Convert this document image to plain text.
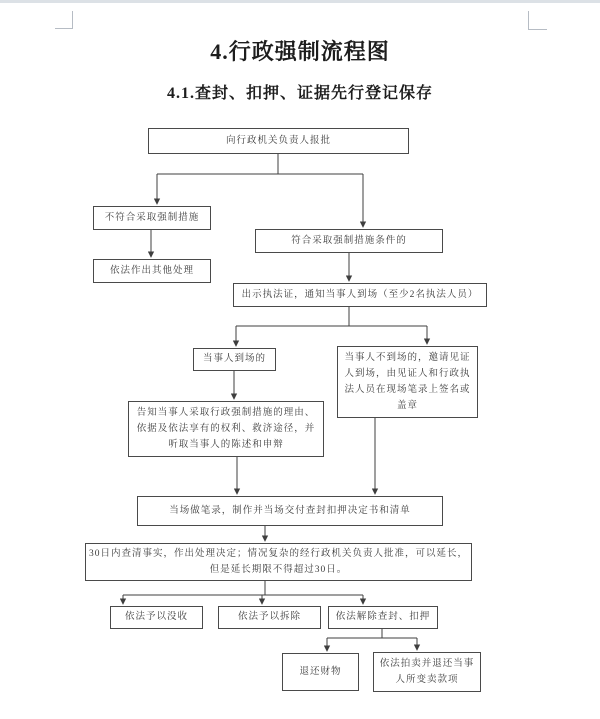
4.行政强制流程图
4.1.查封、扣押、证据先行登记保存
向行政机关负责人报批
不符合采取强制措施
依法作出其他处理
符合采取强制措施条件的
出示执法证，通知当事人到场（至少2名执法人员）
当事人到场的	当事人不到场的，邀请见证人到场，由见证人和行政执法人员在现场笔录上签名或盖章
告知当事人采取行政强制措施的理由、依据及依法享有的权利、救济途径，并听取当事人的陈述和申辩
当场做笔录，制作并当场交付查封扣押决定书和清单
30日内查清事实，作出处理决定；情况复杂的经行政机关负责人批准，可以延长，但是延长期限不得超过30日。
依法予以没收	依法予以拆除	依法解除查封、扣押
退还财物
依法拍卖并退还当事人所变卖款项
